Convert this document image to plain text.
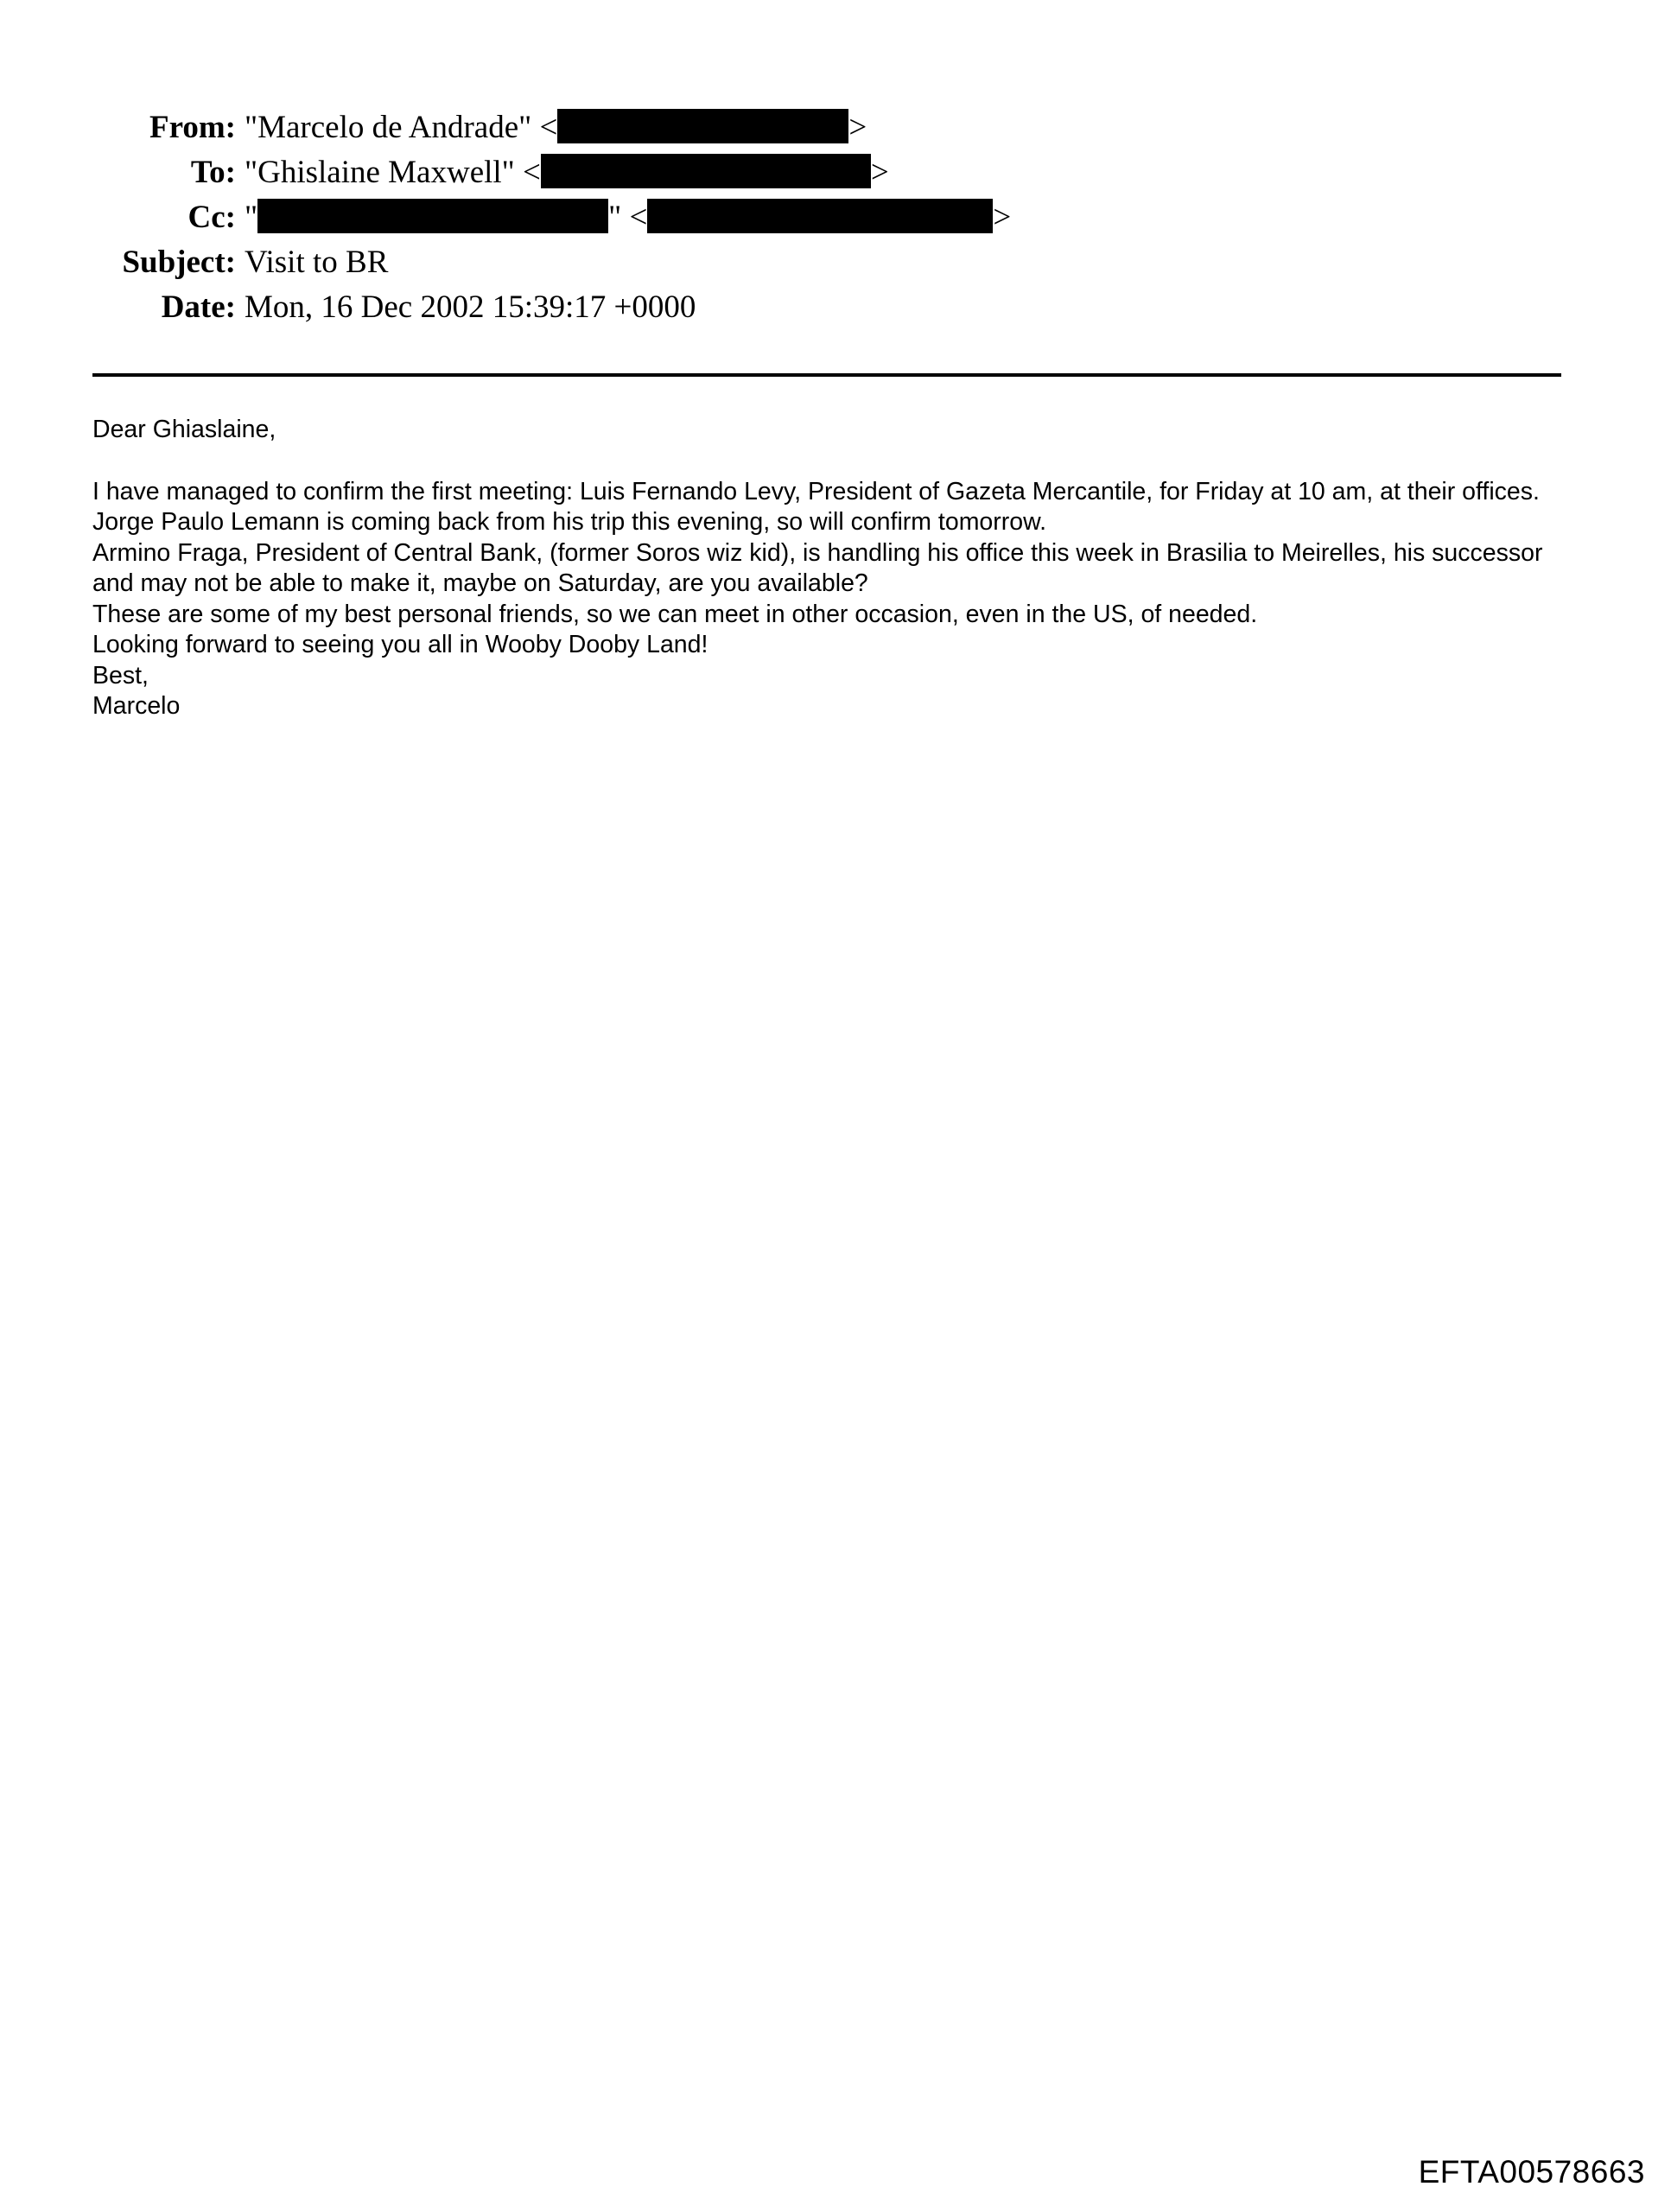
From: "Marcelo de Andrade" <	>
To: "Ghislaine Maxwell" <	>
Cc: "	" <	>
Subject: Visit to BR
Date: Mon, 16 Dec 2002 15:39:17 +0000

Dear Ghiaslaine,

I have managed to confirm the first meeting: Luis Fernando Levy, President of Gazeta Mercantile, for Friday at 10 am, at their offices.

Jorge Paulo Lemann is coming back from his trip this evening, so will confirm tomorrow.

Armino Fraga, President of Central Bank, (former Soros wiz kid), is handling his office this week in Brasilia to Meirelles, his successor and may not be able to make it, maybe on Saturday, are you available?

These are some of my best personal friends, so we can meet in other occasion, even in the US, of needed.

Looking forward to seeing you all in Wooby Dooby Land!

Best,

Marcelo

EFTA00578663
